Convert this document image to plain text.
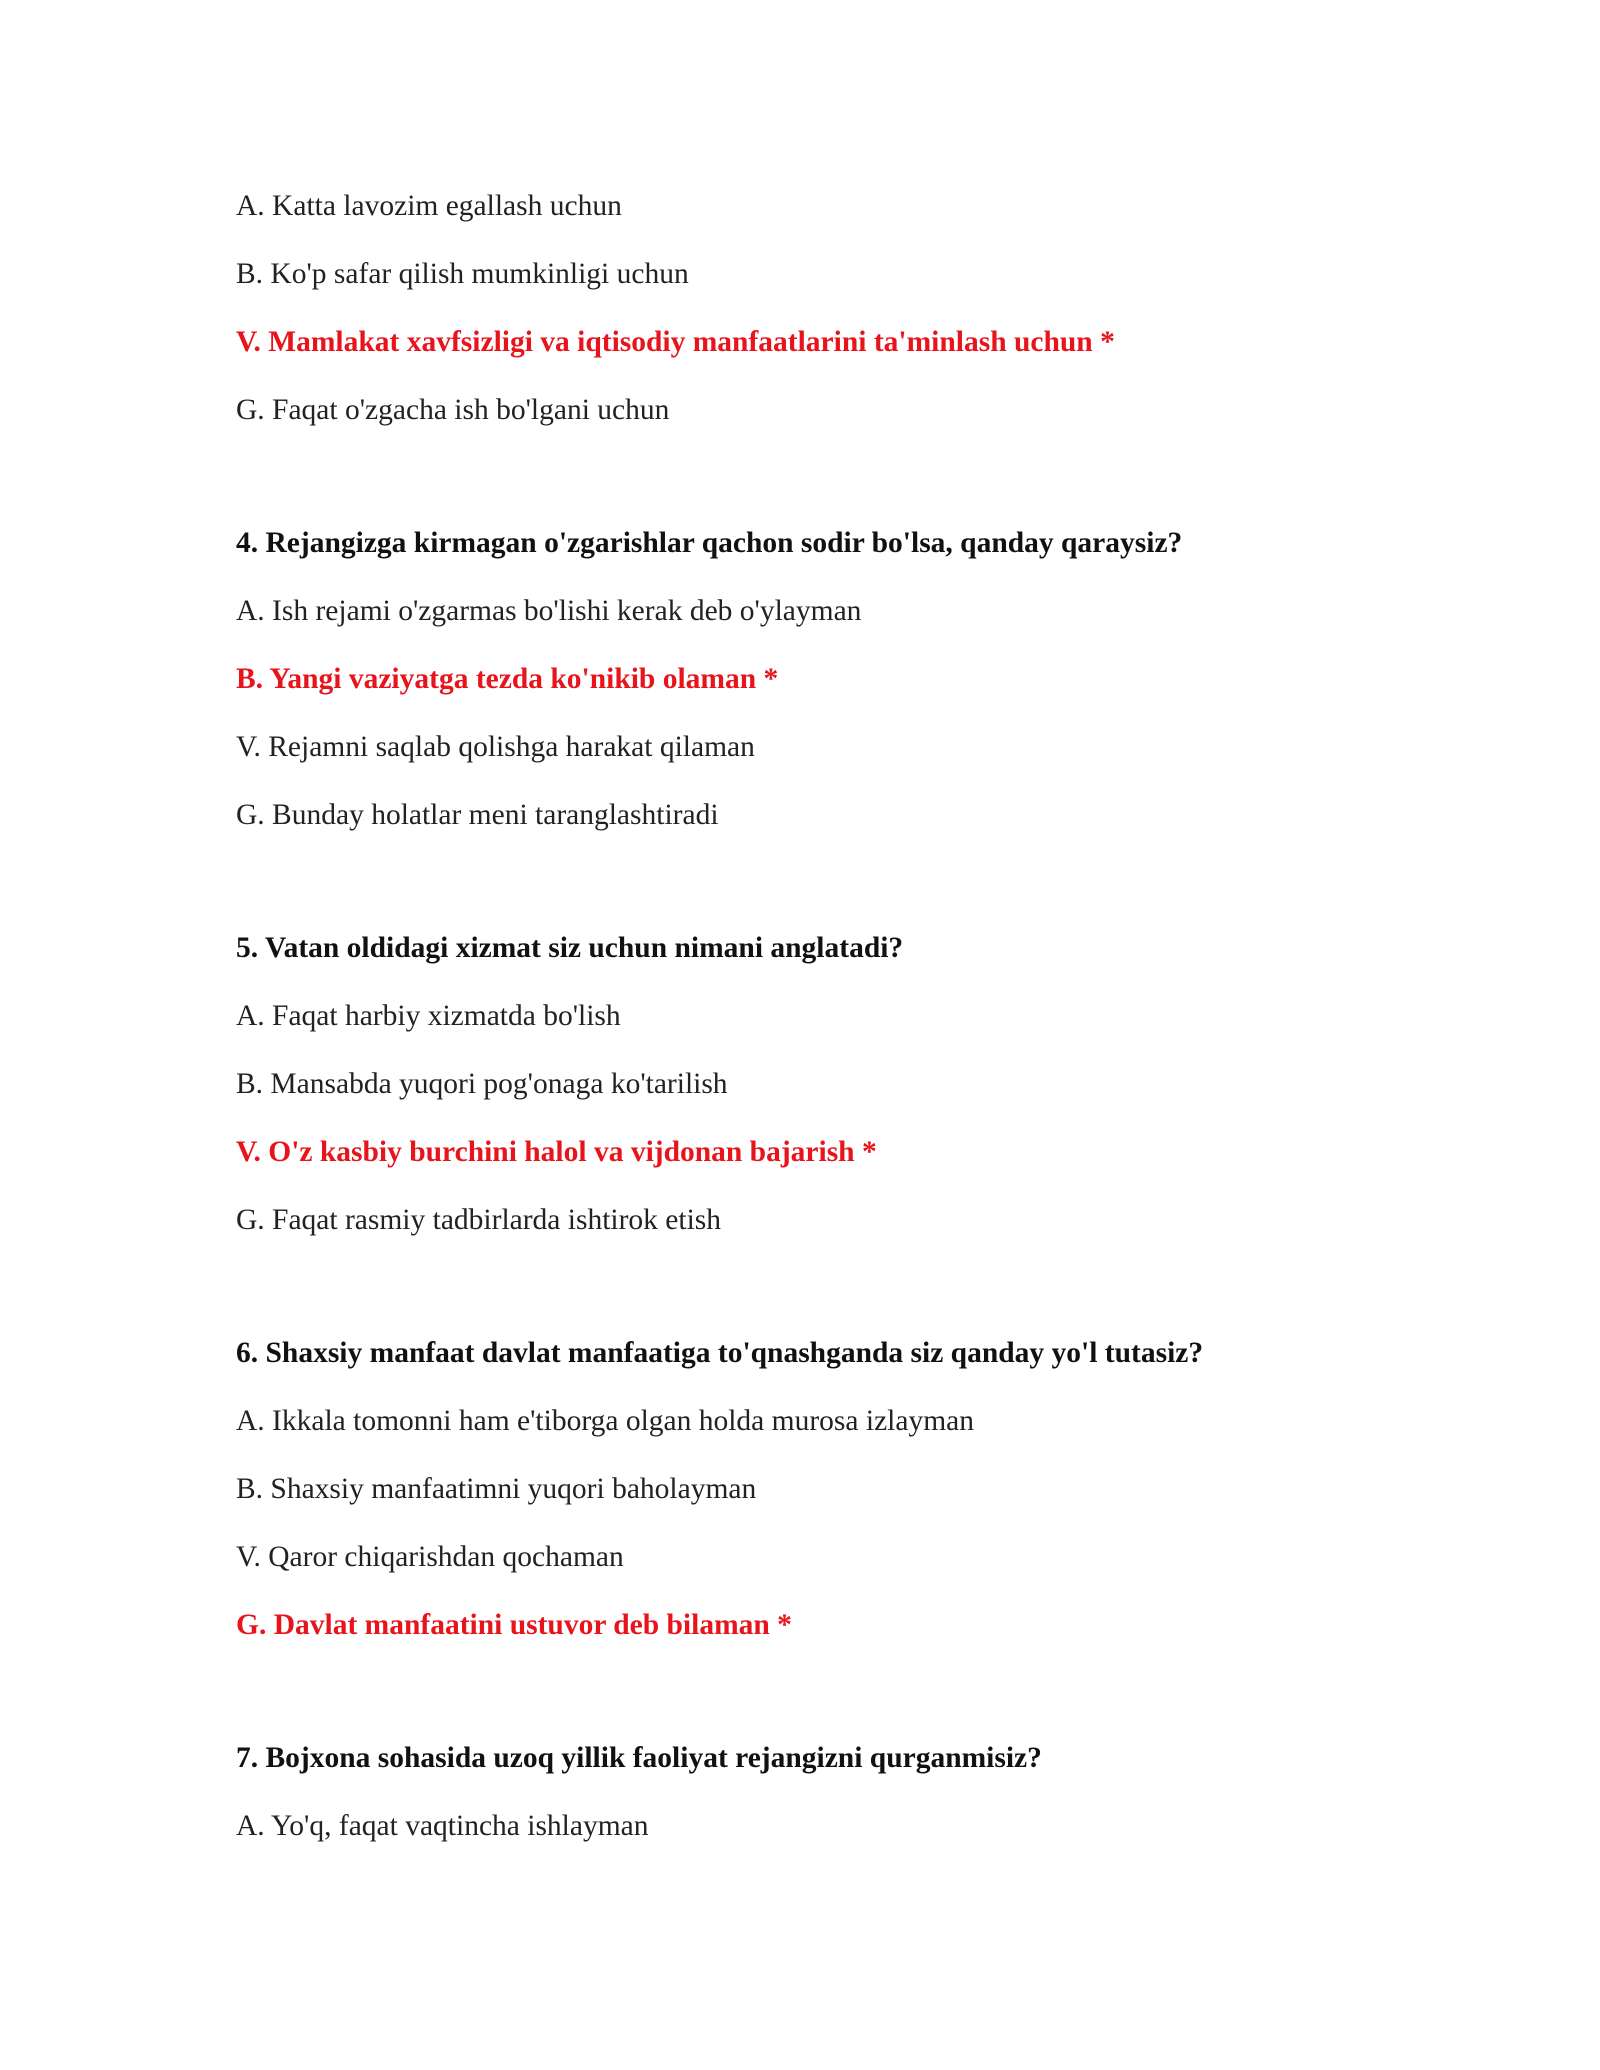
A. Katta lavozim egallash uchun
B. Ko'p safar qilish mumkinligi uchun
V. Mamlakat xavfsizligi va iqtisodiy manfaatlarini ta'minlash uchun *
G. Faqat o'zgacha ish bo'lgani uchun
4. Rejangizga kirmagan o'zgarishlar qachon sodir bo'lsa, qanday qaraysiz?
A. Ish rejami o'zgarmas bo'lishi kerak deb o'ylayman
B. Yangi vaziyatga tezda ko'nikib olaman *
V. Rejamni saqlab qolishga harakat qilaman
G. Bunday holatlar meni taranglashtiradi
5. Vatan oldidagi xizmat siz uchun nimani anglatadi?
A. Faqat harbiy xizmatda bo'lish
B. Mansabda yuqori pog'onaga ko'tarilish
V. O'z kasbiy burchini halol va vijdonan bajarish *
G. Faqat rasmiy tadbirlarda ishtirok etish
6. Shaxsiy manfaat davlat manfaatiga to'qnashganda siz qanday yo'l tutasiz?
A. Ikkala tomonni ham e'tiborga olgan holda murosa izlayman
B. Shaxsiy manfaatimni yuqori baholayman
V. Qaror chiqarishdan qochaman
G. Davlat manfaatini ustuvor deb bilaman *
7. Bojxona sohasida uzoq yillik faoliyat rejangizni qurganmisiz?
A. Yo'q, faqat vaqtincha ishlayman
